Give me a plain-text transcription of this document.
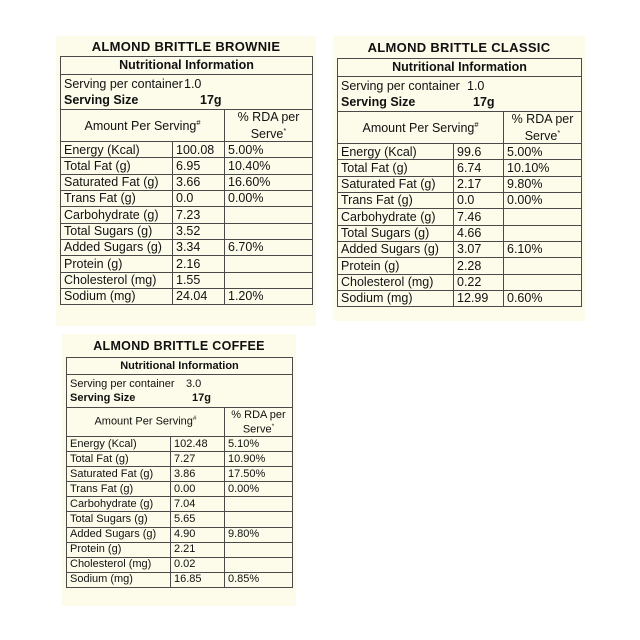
ALMOND BRITTLE BROWNIE
Nutritional Information		
Serving per container1.0
Serving Size 17g		
Amount Per Serving#		% RDA per
Serve*
Energy (Kcal)	100.08	5.00%
Total Fat (g)	6.95	10.40%
Saturated Fat (g)	3.66	16.60%
Trans Fat (g)	0.0	0.00%
Carbohydrate (g)	7.23	
Total Sugars (g)	3.52	
Added Sugars (g)	3.34	6.70%
Protein (g)	2.16	
Cholesterol (mg)	1.55	
Sodium (mg)	24.04	1.20%
ALMOND BRITTLE CLASSIC
Nutritional Information		
Serving per container 1.0
Serving Size 17g		
Amount Per Serving#		% RDA per
Serve*
Energy (Kcal)	99.6	5.00%
Total Fat (g)	6.74	10.10%
Saturated Fat (g)	2.17	9.80%
Trans Fat (g)	0.0	0.00%
Carbohydrate (g)	7.46	
Total Sugars (g)	4.66	
Added Sugars (g)	3.07	6.10%
Protein (g)	2.28	
Cholesterol (mg)	0.22	
Sodium (mg)	12.99	0.60%
ALMOND BRITTLE COFFEE
Nutritional Information		
Serving per container 3.0
Serving Size 17g		
Amount Per Serving#		% RDA per
Serve*
Energy (Kcal)	102.48	5.10%
Total Fat (g)	7.27	10.90%
Saturated Fat (g)	3.86	17.50%
Trans Fat (g)	0.00	0.00%
Carbohydrate (g)	7.04	
Total Sugars (g)	5.65	
Added Sugars (g)	4.90	9.80%
Protein (g)	2.21	
Cholesterol (mg)	0.02	
Sodium (mg)	16.85	0.85%
